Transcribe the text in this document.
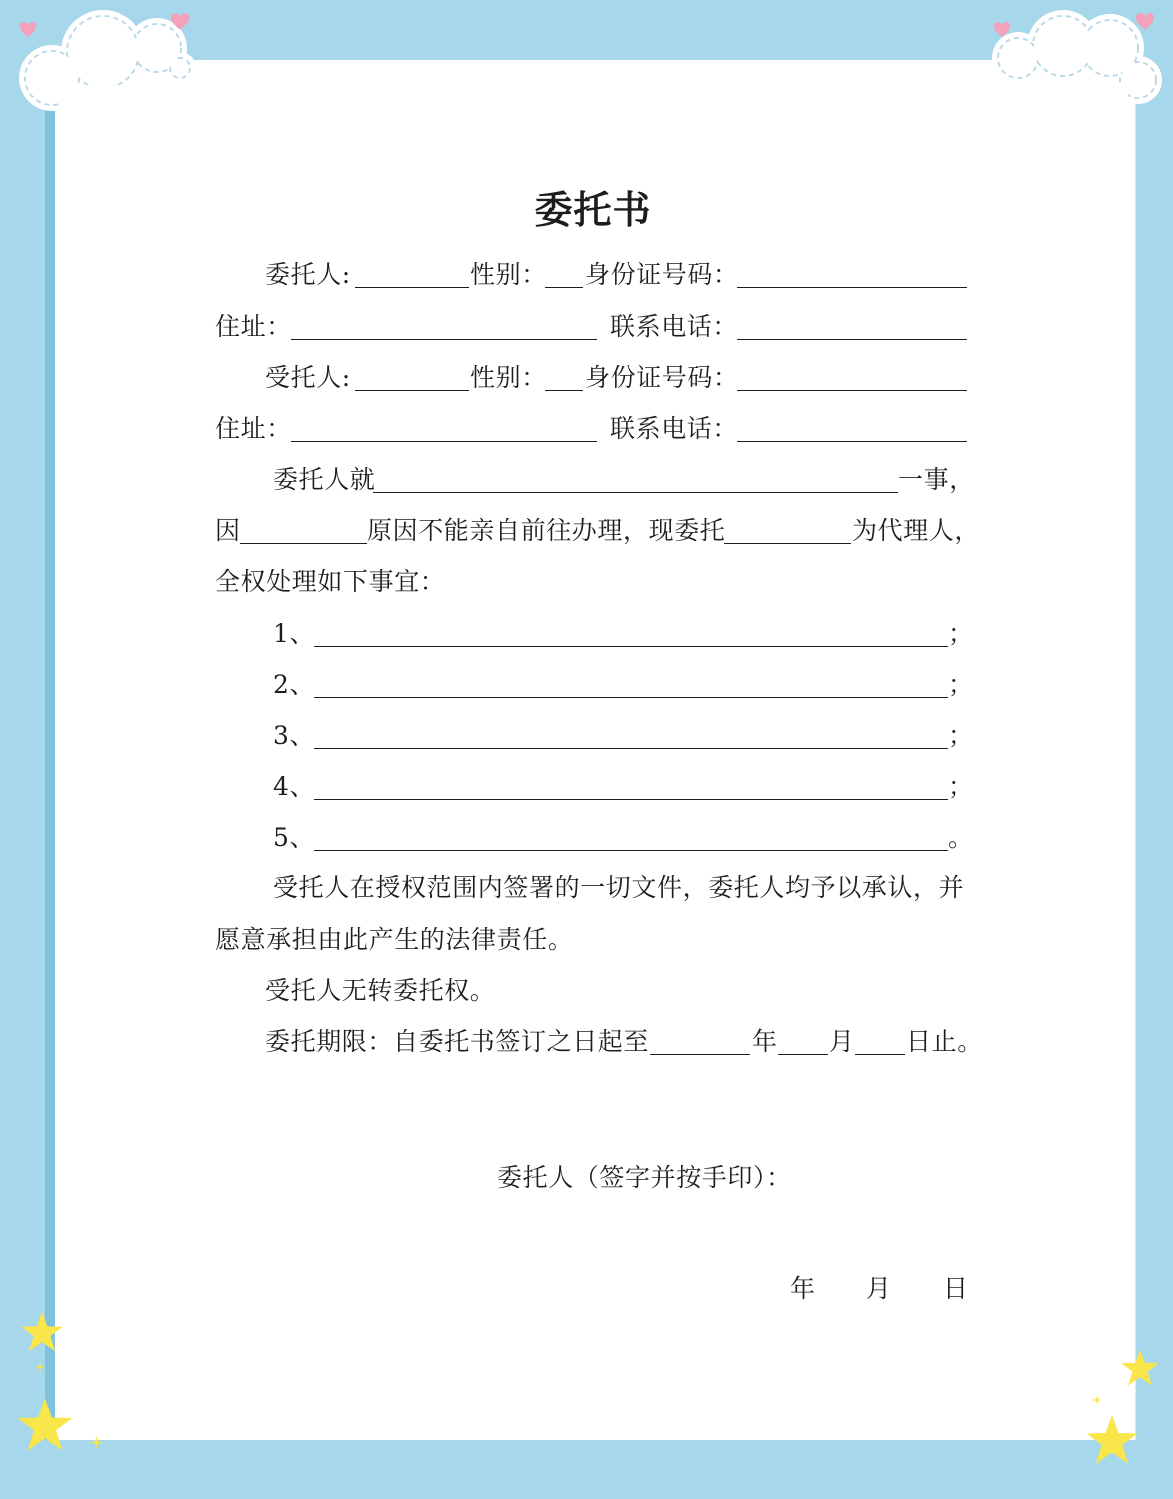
委托书
委托人:	性别： 身份证号码：
住址：	联系电话：
受托人:	性别： 身份证号码：
住址：	联系电话：
委托人就	一事，
因	原因不能亲自前往办理，现委托	为代理人，
全权处理如下事宜：
1、	；
2、	；
3、	；
4、	；
5、	。
受托人在授权范围内签署的一切文件，委托人均予以承认，并
愿意承担由此产生的法律责任。
受托人无转委托权。
委托期限：自委托书签订之日起至	年 月 日止。
委托人（签字并按手印）：
年 月 日
